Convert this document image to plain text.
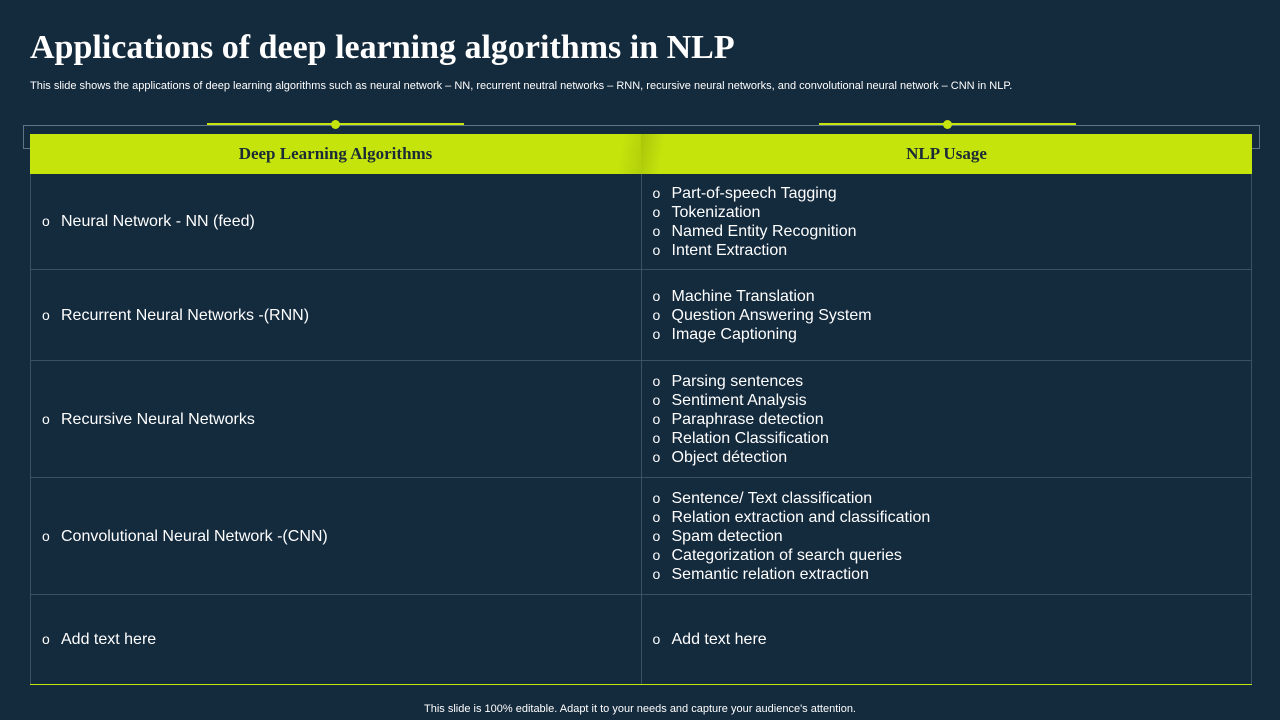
Applications of deep learning algorithms in NLP

This slide shows the applications of deep learning algorithms such as neural network – NN, recurrent neutral networks – RNN, recursive neural networks, and convolutional neural network – CNN in NLP.

Deep Learning Algorithms	NLP Usage
o Neural Network - NN (feed)
o Part-of-speech Tagging
o Tokenization
o Named Entity Recognition
o Intent Extraction
o Recurrent Neural Networks -(RNN)
o Machine Translation
o Question Answering System
o Image Captioning
o Recursive Neural Networks
o Parsing sentences
o Sentiment Analysis
o Paraphrase detection
o Relation Classification
o Object détection
o Convolutional Neural Network -(CNN)
o Sentence/ Text classification
o Relation extraction and classification
o Spam detection
o Categorization of search queries
o Semantic relation extraction
o Add text here	o Add text here
This slide is 100% editable. Adapt it to your needs and capture your audience's attention.
